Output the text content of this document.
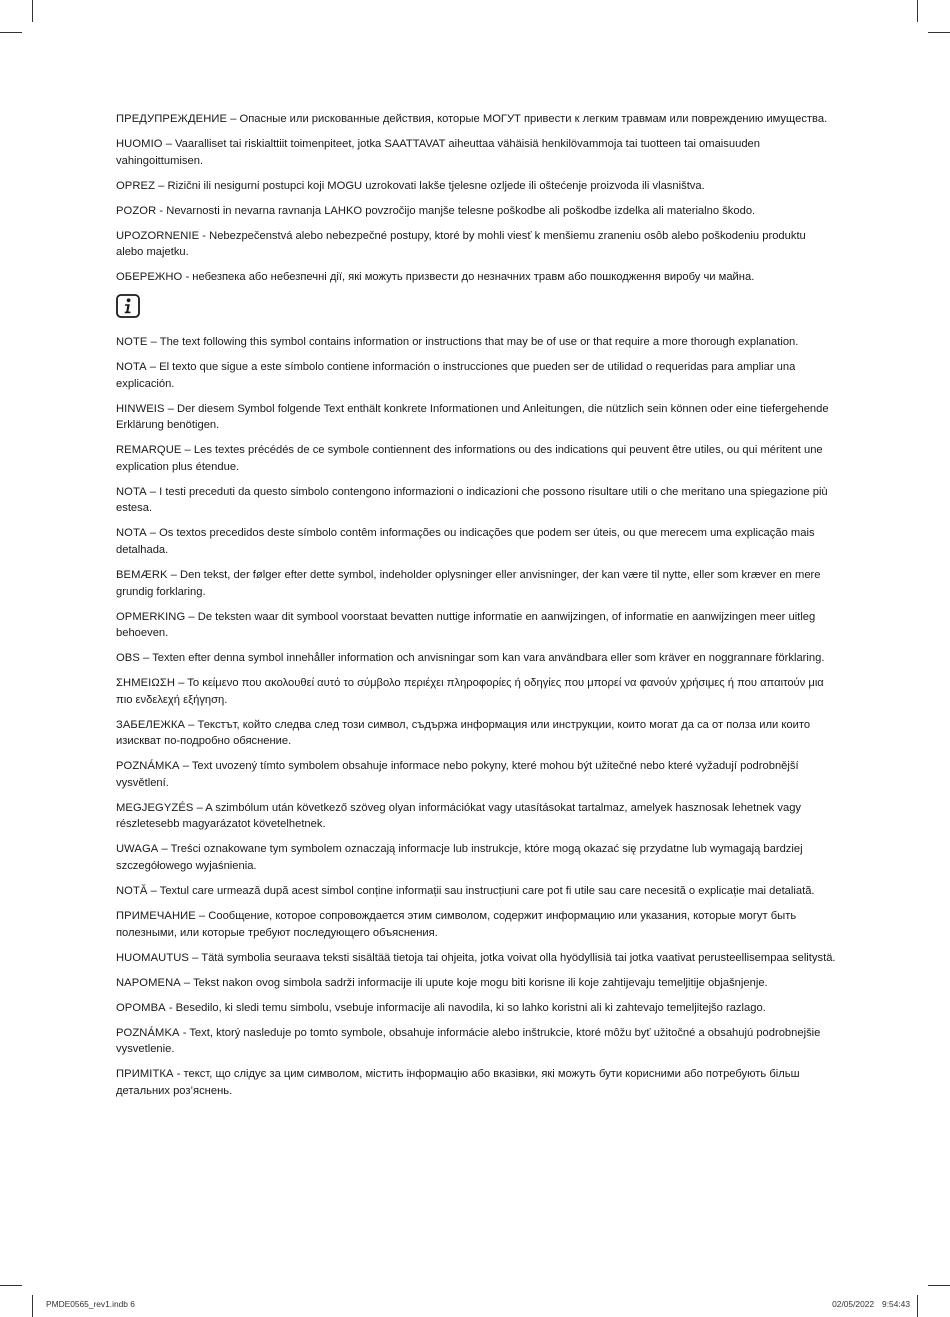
ПРЕДУПРЕЖДЕНИЕ – Опасные или рискованные действия, которые МОГУТ привести к легким травмам или повреждению имущества.

HUOMIO – Vaaralliset tai riskialttiit toimenpiteet, jotka SAATTAVAT aiheuttaa vähäisiä henkilövammoja tai tuotteen tai omaisuuden vahingoittumisen.

OPREZ – Rizični ili nesigurni postupci koji MOGU uzrokovati lakše tjelesne ozljede ili oštećenje proizvoda ili vlasništva.

POZOR - Nevarnosti in nevarna ravnanja LAHKO povzročijo manjše telesne poškodbe ali poškodbe izdelka ali materialno škodo.

UPOZORNENIE - Nebezpečenstvá alebo nebezpečné postupy, ktoré by mohli viesť k menšiemu zraneniu osôb alebo poškodeniu produktu alebo majetku.

ОБЕРЕЖНО - небезпека або небезпечні дії, які можуть призвести до незначних травм або пошкодження виробу чи майна.

NOTE – The text following this symbol contains information or instructions that may be of use or that require a more thorough explanation.

NOTA – El texto que sigue a este símbolo contiene información o instrucciones que pueden ser de utilidad o requeridas para ampliar una explicación.

HINWEIS – Der diesem Symbol folgende Text enthält konkrete Informationen und Anleitungen, die nützlich sein können oder eine tiefergehende Erklärung benötigen.

REMARQUE – Les textes précédés de ce symbole contiennent des informations ou des indications qui peuvent être utiles, ou qui méritent une explication plus étendue.

NOTA – I testi preceduti da questo simbolo contengono informazioni o indicazioni che possono risultare utili o che meritano una spiegazione più estesa.

NOTA – Os textos precedidos deste símbolo contêm informações ou indicações que podem ser úteis, ou que merecem uma explicação mais detalhada.

BEMÆRK – Den tekst, der følger efter dette symbol, indeholder oplysninger eller anvisninger, der kan være til nytte, eller som kræver en mere grundig forklaring.

OPMERKING – De teksten waar dit symbool voorstaat bevatten nuttige informatie en aanwijzingen, of informatie en aanwijzingen meer uitleg behoeven.

OBS – Texten efter denna symbol innehåller information och anvisningar som kan vara användbara eller som kräver en noggrannare förklaring.

ΣΗΜΕΙΩΣΗ – Το κείμενο που ακολουθεί αυτό το σύμβολο περιέχει πληροφορίες ή οδηγίες που μπορεί να φανούν χρήσιμες ή που απαιτούν μια πιο ενδελεχή εξήγηση.

ЗАБЕЛЕЖКА – Текстът, който следва след този символ, съдържа информация или инструкции, които могат да са от полза или които изискват по-подробно обяснение.

POZNÁMKA – Text uvozený tímto symbolem obsahuje informace nebo pokyny, které mohou být užitečné nebo které vyžadují podrobnější vysvětlení.

MEGJEGYZÉS – A szimbólum után következő szöveg olyan információkat vagy utasításokat tartalmaz, amelyek hasznosak lehetnek vagy részletesebb magyarázatot követelhetnek.

UWAGA – Treści oznakowane tym symbolem oznaczają informacje lub instrukcje, które mogą okazać się przydatne lub wymagają bardziej szczegółowego wyjaśnienia.

NOTĂ – Textul care urmează după acest simbol conține informații sau instrucțiuni care pot fi utile sau care necesită o explicație mai detaliată.

ПРИМЕЧАНИЕ – Сообщение, которое сопровождается этим символом, содержит информацию или указания, которые могут быть полезными, или которые требуют последующего объяснения.

HUOMAUTUS – Tätä symbolia seuraava teksti sisältää tietoja tai ohjeita, jotka voivat olla hyödyllisiä tai jotka vaativat perusteellisempaa selitystä.

NAPOMENA – Tekst nakon ovog simbola sadrži informacije ili upute koje mogu biti korisne ili koje zahtijevaju temeljitije objašnjenje.

OPOMBA - Besedilo, ki sledi temu simbolu, vsebuje informacije ali navodila, ki so lahko koristni ali ki zahtevajo temeljitejšo razlago.

POZNÁMKA - Text, ktorý nasleduje po tomto symbole, obsahuje informácie alebo inštrukcie, ktoré môžu byť užitočné a obsahujú podrobnejšie vysvetlenie.

ПРИМІТКА - текст, що слідує за цим символом, містить інформацію або вказівки, які можуть бути корисними або потребують більш детальних роз’яснень.

PMDE0565_rev1.indb 6	02/05/2022 9:54:43
